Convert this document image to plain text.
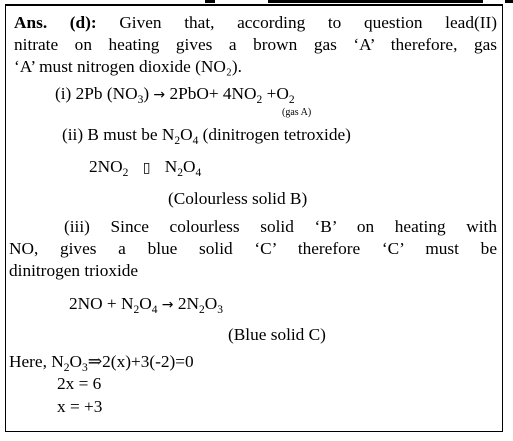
Ans. (d): Given that, according to question lead(II)
nitrate on heating gives a brown gas ‘A’ therefore, gas
‘A’ must nitrogen dioxide (NO₂).
(i) 2Pb $(NO_3) \to 2PbO+ 4NO_2 +O_2$
(gas A)
(ii) B must be $N_2O_4$ (dinitrogen tetroxide)
$2NO_2$ ▯ $N_2O_4$
(Colourless solid B)
(iii) Since colourless solid ‘B’ on heating with
NO, gives a blue solid ‘C’ therefore ‘C’ must be
dinitrogen trioxide
$2NO + N_2O_4 \to 2N_2O_3$
(Blue solid C)
Here, $N_2O_3\Rightarrow 2(x)+3(-2)=0$
2x = 6
x = +3
